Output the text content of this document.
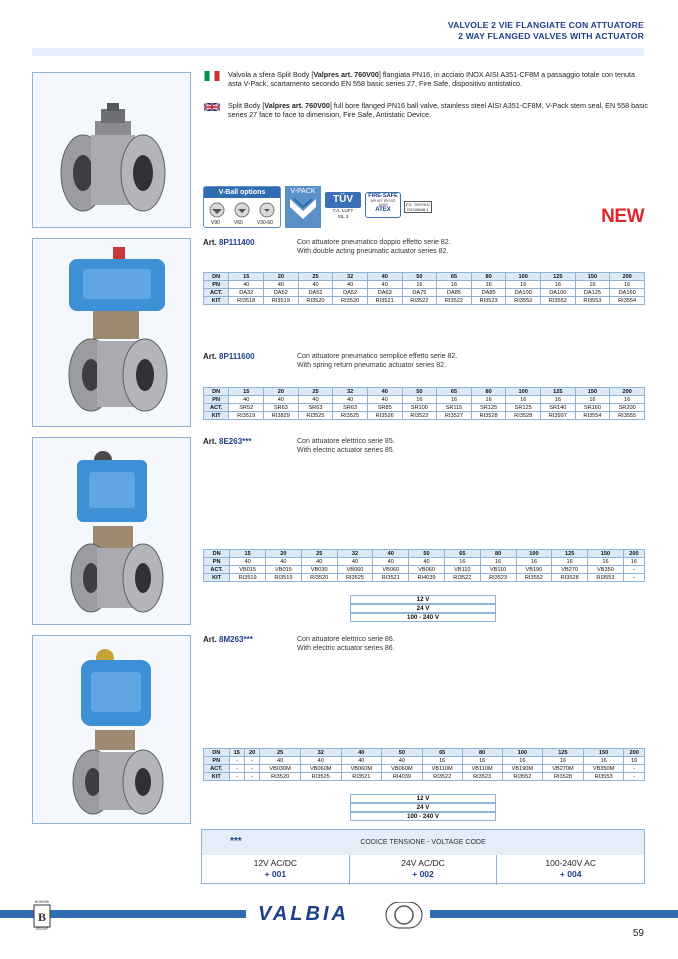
VALVOLE 2 VIE FLANGIATE CON ATTUATORE
2 WAY FLANGED VALVES WITH ACTUATOR
Valvola a sfera Split Body [Valpres art. 760V00] flangiata PN16, in acciaio INOX AISI A351-CF8M a passaggio totale con tenuta asta V-Pack, scartamento secondo EN 558 basic series 27, Fire Safe, dispositivo antistatico.
Split Body [Valpres art. 760V00] full bore flanged PN16 ball valve, stainless steel AISI A351-CF8M, V-Pack stem seal, EN 558 basic series 27 face to face to dimension, Fire Safe, Antistatic Device.
V-Ball options
V90	V60	V30-60
V-PACK
TÜV
T.A. LUFT
SIL 3
FIRE-SAFE
API 607 EN ISO 10497
ATEX
F.E. TESTED
ISO15848-1	NEW
Art. 8P111400	Con attuatore pneumatico doppio effetto serie 82.
With double acting pneumatic actuator series 82.
DN	15	20	25	32	40	50	65	80	100	125	150	200
PN	40	40	40	40	40	16	16	16	16	16	16	16
ACT.	DA32	DA52	DA52	DA52	DA63	DA75	DA85	DA85	DA100	DA100	DA125	DA160
KIT	RI3518	RI3519	RI3520	RI3520	RI3521	RI3522	RI3522	RI3523	RI3552	RI3552	RI3553	RI3554
Art. 8P111600	Con attuatore pneumatico semplice effetto serie 82.
With spring return pneumatic actuator series 82.
DN	15	20	25	32	40	50	65	80	100	125	150	200
PN	40	40	40	40	40	16	16	16	16	16	16	16
ACT.	SR52	SR63	SR63	SR63	SR85	SR100	SR115	SR125	SR125	SR140	SR160	SR200
KIT	RI3519	RI3829	RI3525	RI3525	RI3526	RI3522	RI3527	RI3528	RI3528	RI3997	RI3554	RI3555
Art. 8E263***	Con attuatore elettrico serie 85.
With electric actuator series 85.
DN	15	20	25	32	40	50	65	80	100	125	150	200
PN	40	40	40	40	40	40	16	16	16	16	16	16
ACT.	VB015	VB015	VB030	VB060	VB060	VB060	VB110	VB110	VB190	VB270	VB350	-
KIT	RI3519	RI3519	RI3520	RI3525	RI3521	RI4039	RI3522	RI3523	RI3552	RI3528	RI3553	-
12 V
24 V
100 - 240 V
Art. 8M263***	Con attuatore elettrico serie 86.
With electric actuator series 86.
DN	15	20	25	32	40	50	65	80	100	125	150	200
PN	-	-	40	40	40	40	16	16	16	16	16	16
ACT.	-	-	VB030M	VB060M	VB060M	VB060M	VB110M	VB110M	VB190M	VB270M	VB350M	-
KIT	-	-	RI3520	RI3525	RI3521	RI4039	RI3522	RI3523	RI3552	RI3528	RI3553	-
12 V
24 V
100 - 240 V
***	CODICE TENSIONE - VOLTAGE CODE
12V AC/DC
+ 001
24V AC/DC
+ 002
100-240V AC
+ 004
B
BONOMI
GROUP
VALBIA
59
